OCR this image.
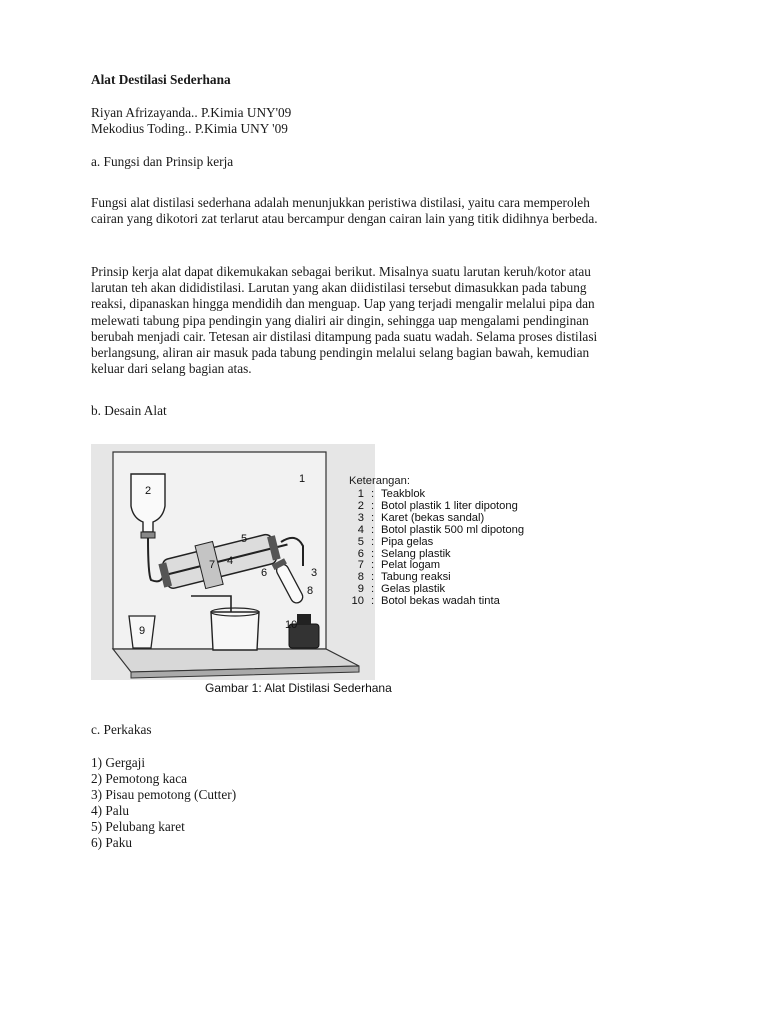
Alat Destilasi Sederhana
Riyan Afrizayanda.. P.Kimia UNY'09
Mekodius Toding.. P.Kimia UNY '09
a. Fungsi dan Prinsip kerja
Fungsi alat distilasi sederhana adalah menunjukkan peristiwa distilasi, yaitu cara memperoleh
cairan yang dikotori zat terlarut atau bercampur dengan cairan lain yang titik didihnya berbeda.
Prinsip kerja alat dapat dikemukakan sebagai berikut. Misalnya suatu larutan keruh/kotor atau
larutan teh akan dididistilasi. Larutan yang akan diidistilasi tersebut dimasukkan pada tabung
reaksi, dipanaskan hingga mendidih dan menguap. Uap yang terjadi mengalir melalui pipa dan
melewati tabung pipa pendingin yang dialiri air dingin, sehingga uap mengalami pendinginan
berubah menjadi cair. Tetesan air distilasi ditampung pada suatu wadah. Selama proses distilasi
berlangsung, aliran air masuk pada tabung pendingin melalui selang bagian bawah, kemudian
keluar dari selang bagian atas.
b. Desain Alat
1
2
3
4
5
6
7
8
9	10
Keterangan:
1 : Teakblok
2 : Botol plastik 1 liter dipotong
3 : Karet (bekas sandal)
4 : Botol plastik 500 ml dipotong
5 : Pipa gelas
6 : Selang plastik
7 : Pelat logam
8 : Tabung reaksi
9 : Gelas plastik
10 : Botol bekas wadah tinta
Gambar 1: Alat Distilasi Sederhana
c. Perkakas
1) Gergaji
2) Pemotong kaca
3) Pisau pemotong (Cutter)
4) Palu
5) Pelubang karet
6) Paku
